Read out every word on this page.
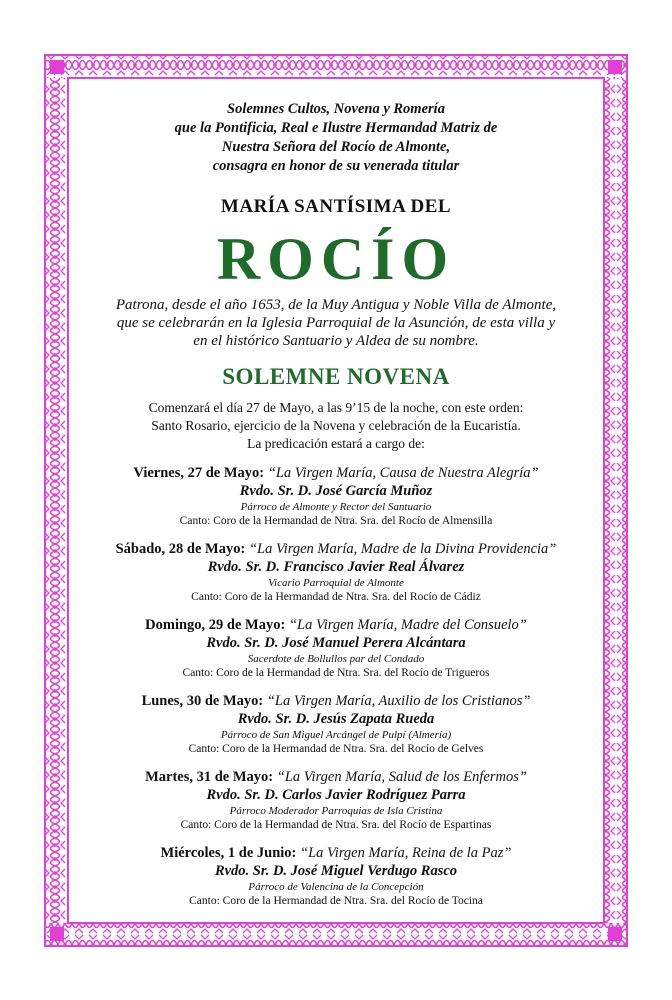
Solemnes Cultos, Novena y Romería
que la Pontificia, Real e Ilustre Hermandad Matriz de
Nuestra Señora del Rocío de Almonte,
consagra en honor de su venerada titular
MARÍA SANTÍSIMA DEL
ROCÍO
Patrona, desde el año 1653, de la Muy Antigua y Noble Villa de Almonte,
que se celebrarán en la Iglesia Parroquial de la Asunción, de esta villa y
en el histórico Santuario y Aldea de su nombre.
SOLEMNE NOVENA
Comenzará el día 27 de Mayo, a las 9’15 de la noche, con este orden:
Santo Rosario, ejercicio de la Novena y celebración de la Eucaristía.
La predicación estará a cargo de:
Viernes, 27 de Mayo: “La Virgen María, Causa de Nuestra Alegría”
Rvdo. Sr. D. José García Muñoz
Párroco de Almonte y Rector del Santuario
Canto: Coro de la Hermandad de Ntra. Sra. del Rocío de Almensilla
Sábado, 28 de Mayo: “La Virgen María, Madre de la Divina Providencia”
Rvdo. Sr. D. Francisco Javier Real Álvarez
Vicario Parroquial de Almonte
Canto: Coro de la Hermandad de Ntra. Sra. del Rocío de Cádiz
Domingo, 29 de Mayo: “La Virgen María, Madre del Consuelo”
Rvdo. Sr. D. José Manuel Perera Alcántara
Sacerdote de Bollullos par del Condado
Canto: Coro de la Hermandad de Ntra. Sra. del Rocío de Trigueros
Lunes, 30 de Mayo: “La Virgen María, Auxilio de los Cristianos”
Rvdo. Sr. D. Jesús Zapata Rueda
Párroco de San Miguel Arcángel de Pulpí (Almería)
Canto: Coro de la Hermandad de Ntra. Sra. del Rocío de Gelves
Martes, 31 de Mayo: “La Virgen María, Salud de los Enfermos”
Rvdo. Sr. D. Carlos Javier Rodríguez Parra
Párroco Moderador Parroquias de Isla Cristina
Canto: Coro de la Hermandad de Ntra. Sra. del Rocío de Espartinas
Miércoles, 1 de Junio: “La Virgen María, Reina de la Paz”
Rvdo. Sr. D. José Miguel Verdugo Rasco
Párroco de Valencina de la Concepción
Canto: Coro de la Hermandad de Ntra. Sra. del Rocío de Tocina
